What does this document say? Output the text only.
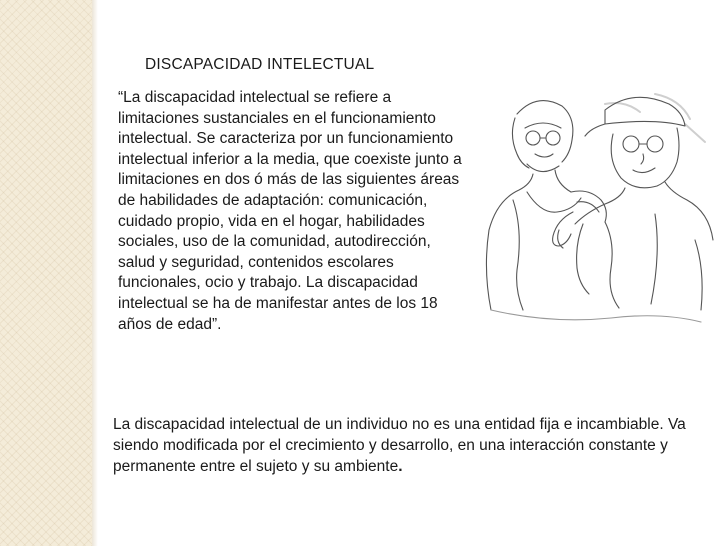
DISCAPACIDAD INTELECTUAL

“La discapacidad intelectual se refiere a limitaciones sustanciales en el funcionamiento intelectual. Se caracteriza por un funcionamiento intelectual inferior a la media, que coexiste junto a limitaciones en dos ó más de las siguientes áreas de habilidades de adaptación: comunicación, cuidado propio, vida en el hogar, habilidades sociales, uso de la comunidad, autodirección, salud y seguridad, contenidos escolares funcionales, ocio y trabajo. La discapacidad intelectual se ha de manifestar antes de los 18 años de edad”.

La discapacidad intelectual de un individuo no es una entidad fija e incambiable. Va siendo modificada por el crecimiento y desarrollo, en una interacción constante y permanente entre el sujeto y su ambiente.
